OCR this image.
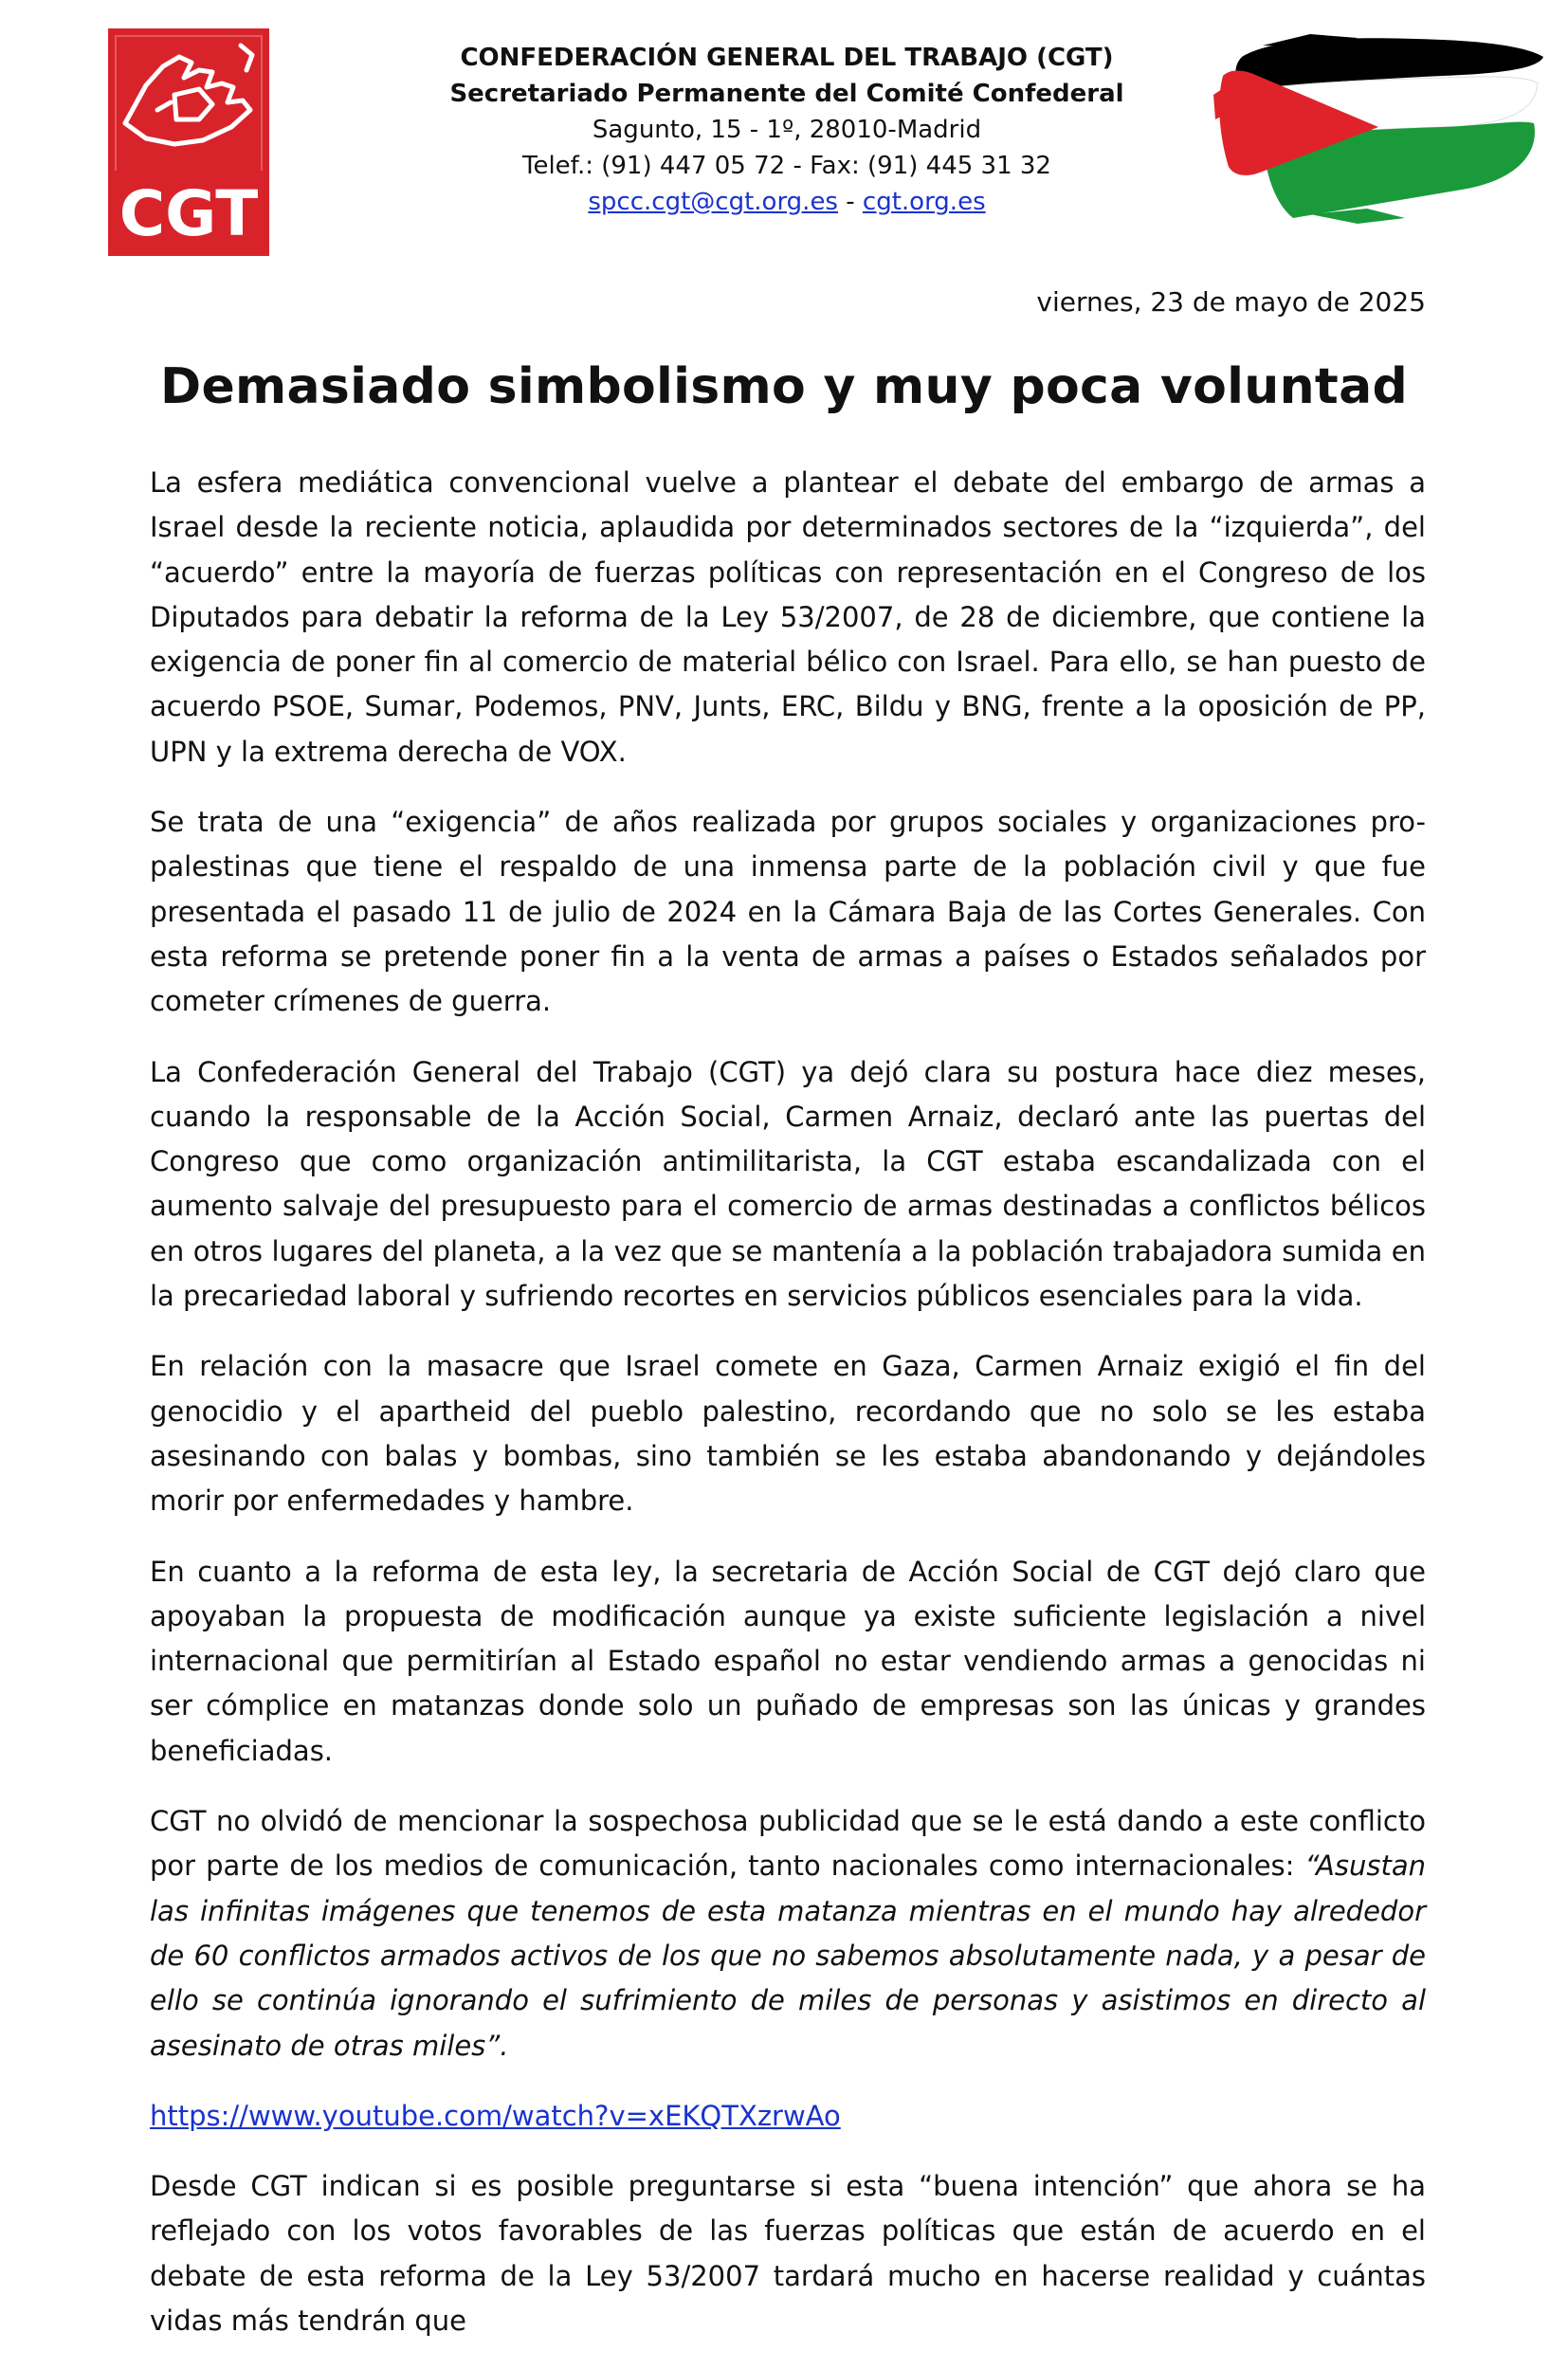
CGT
CONFEDERACIÓN GENERAL DEL TRABAJO (CGT)
Secretariado Permanente del Comité Confederal
Sagunto, 15 - 1º, 28010-Madrid
Telef.: (91) 447 05 72 - Fax: (91) 445 31 32
spcc.cgt@cgt.org.es - cgt.org.es
viernes, 23 de mayo de 2025
Demasiado simbolismo y muy poca voluntad

La esfera mediática convencional vuelve a plantear el debate del embargo de armas a Israel desde la reciente noticia, aplaudida por determinados sectores de la “izquierda”, del “acuerdo” entre la mayoría de fuerzas políticas con representación en el Congreso de los Diputados para debatir la reforma de la Ley 53/2007, de 28 de diciembre, que contiene la exigencia de poner fin al comercio de material bélico con Israel. Para ello, se han puesto de acuerdo PSOE, Sumar, Podemos, PNV, Junts, ERC, Bildu y BNG, frente a la oposición de PP, UPN y la extrema derecha de VOX.

Se trata de una “exigencia” de años realizada por grupos sociales y organizaciones pro-palestinas que tiene el respaldo de una inmensa parte de la población civil y que fue presentada el pasado 11 de julio de 2024 en la Cámara Baja de las Cortes Generales. Con esta reforma se pretende poner fin a la venta de armas a países o Estados señalados por cometer crímenes de guerra.

La Confederación General del Trabajo (CGT) ya dejó clara su postura hace diez meses, cuando la responsable de la Acción Social, Carmen Arnaiz, declaró ante las puertas del Congreso que como organización antimilitarista, la CGT estaba escandalizada con el aumento salvaje del presupuesto para el comercio de armas destinadas a conflictos bélicos en otros lugares del planeta, a la vez que se mantenía a la población trabajadora sumida en la precariedad laboral y sufriendo recortes en servicios públicos esenciales para la vida.

En relación con la masacre que Israel comete en Gaza, Carmen Arnaiz exigió el fin del genocidio y el apartheid del pueblo palestino, recordando que no solo se les estaba asesinando con balas y bombas, sino también se les estaba abandonando y dejándoles morir por enfermedades y hambre.

En cuanto a la reforma de esta ley, la secretaria de Acción Social de CGT dejó claro que apoyaban la propuesta de modificación aunque ya existe suficiente legislación a nivel internacional que permitirían al Estado español no estar vendiendo armas a genocidas ni ser cómplice en matanzas donde solo un puñado de empresas son las únicas y grandes beneficiadas.

CGT no olvidó de mencionar la sospechosa publicidad que se le está dando a este conflicto por parte de los medios de comunicación, tanto nacionales como internacionales: “Asustan las infinitas imágenes que tenemos de esta matanza mientras en el mundo hay alrededor de 60 conflictos armados activos de los que no sabemos absolutamente nada, y a pesar de ello se continúa ignorando el sufrimiento de miles de personas y asistimos en directo al asesinato de otras miles”.

https://www.youtube.com/watch?v=xEKQTXzrwAo

Desde CGT indican si es posible preguntarse si esta “buena intención” que ahora se ha reflejado con los votos favorables de las fuerzas políticas que están de acuerdo en el debate de esta reforma de la Ley 53/2007 tardará mucho en hacerse realidad y cuántas vidas más tendrán que
